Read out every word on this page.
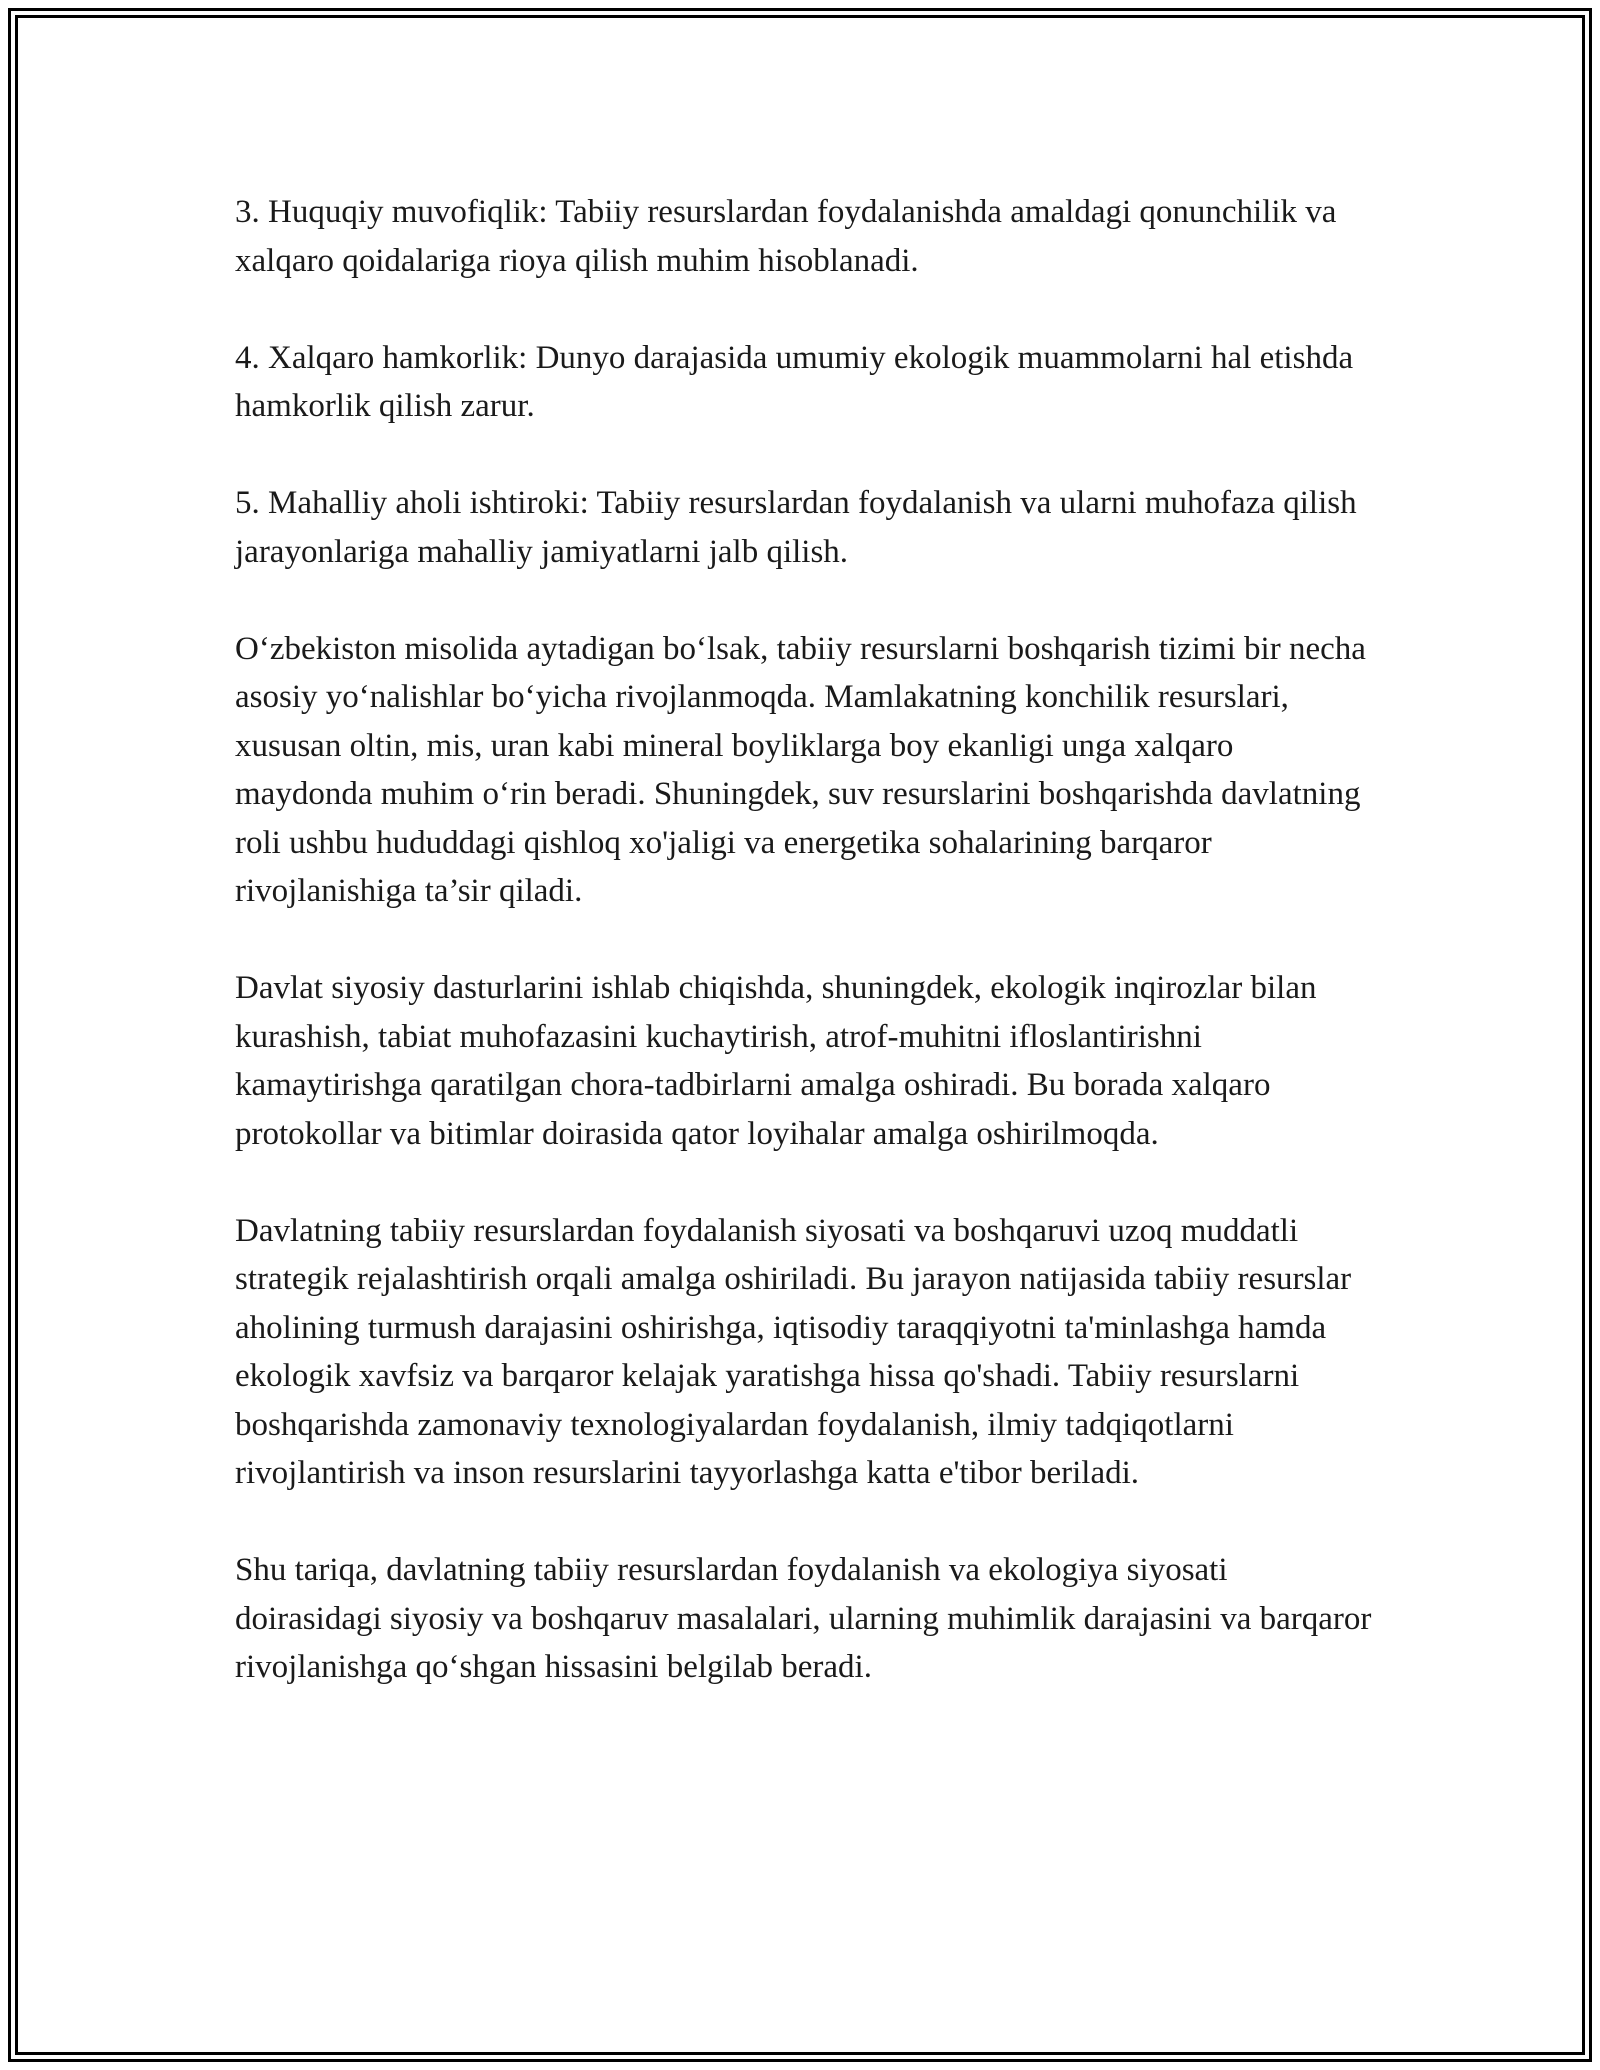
3. Huquqiy muvofiqlik: Tabiiy resurslardan foydalanishda amaldagi qonunchilik va xalqaro qoidalariga rioya qilish muhim hisoblanadi.

4. Xalqaro hamkorlik: Dunyo darajasida umumiy ekologik muammolarni hal etishda hamkorlik qilish zarur.

5. Mahalliy aholi ishtiroki: Tabiiy resurslardan foydalanish va ularni muhofaza qilish jarayonlariga mahalliy jamiyatlarni jalb qilish.

O‘zbekiston misolida aytadigan bo‘lsak, tabiiy resurslarni boshqarish tizimi bir necha asosiy yo‘nalishlar bo‘yicha rivojlanmoqda. Mamlakatning konchilik resurslari, xususan oltin, mis, uran kabi mineral boyliklarga boy ekanligi unga xalqaro maydonda muhim o‘rin beradi. Shuningdek, suv resurslarini boshqarishda davlatning roli ushbu hududdagi qishloq xo'jaligi va energetika sohalarining barqaror rivojlanishiga ta’sir qiladi.

Davlat siyosiy dasturlarini ishlab chiqishda, shuningdek, ekologik inqirozlar bilan kurashish, tabiat muhofazasini kuchaytirish, atrof-muhitni ifloslantirishni kamaytirishga qaratilgan chora-tadbirlarni amalga oshiradi. Bu borada xalqaro protokollar va bitimlar doirasida qator loyihalar amalga oshirilmoqda.

Davlatning tabiiy resurslardan foydalanish siyosati va boshqaruvi uzoq muddatli strategik rejalashtirish orqali amalga oshiriladi. Bu jarayon natijasida tabiiy resurslar aholining turmush darajasini oshirishga, iqtisodiy taraqqiyotni ta'minlashga hamda ekologik xavfsiz va barqaror kelajak yaratishga hissa qo'shadi. Tabiiy resurslarni boshqarishda zamonaviy texnologiyalardan foydalanish, ilmiy tadqiqotlarni rivojlantirish va inson resurslarini tayyorlashga katta e'tibor beriladi.

Shu tariqa, davlatning tabiiy resurslardan foydalanish va ekologiya siyosati doirasidagi siyosiy va boshqaruv masalalari, ularning muhimlik darajasini va barqaror rivojlanishga qo‘shgan hissasini belgilab beradi.
